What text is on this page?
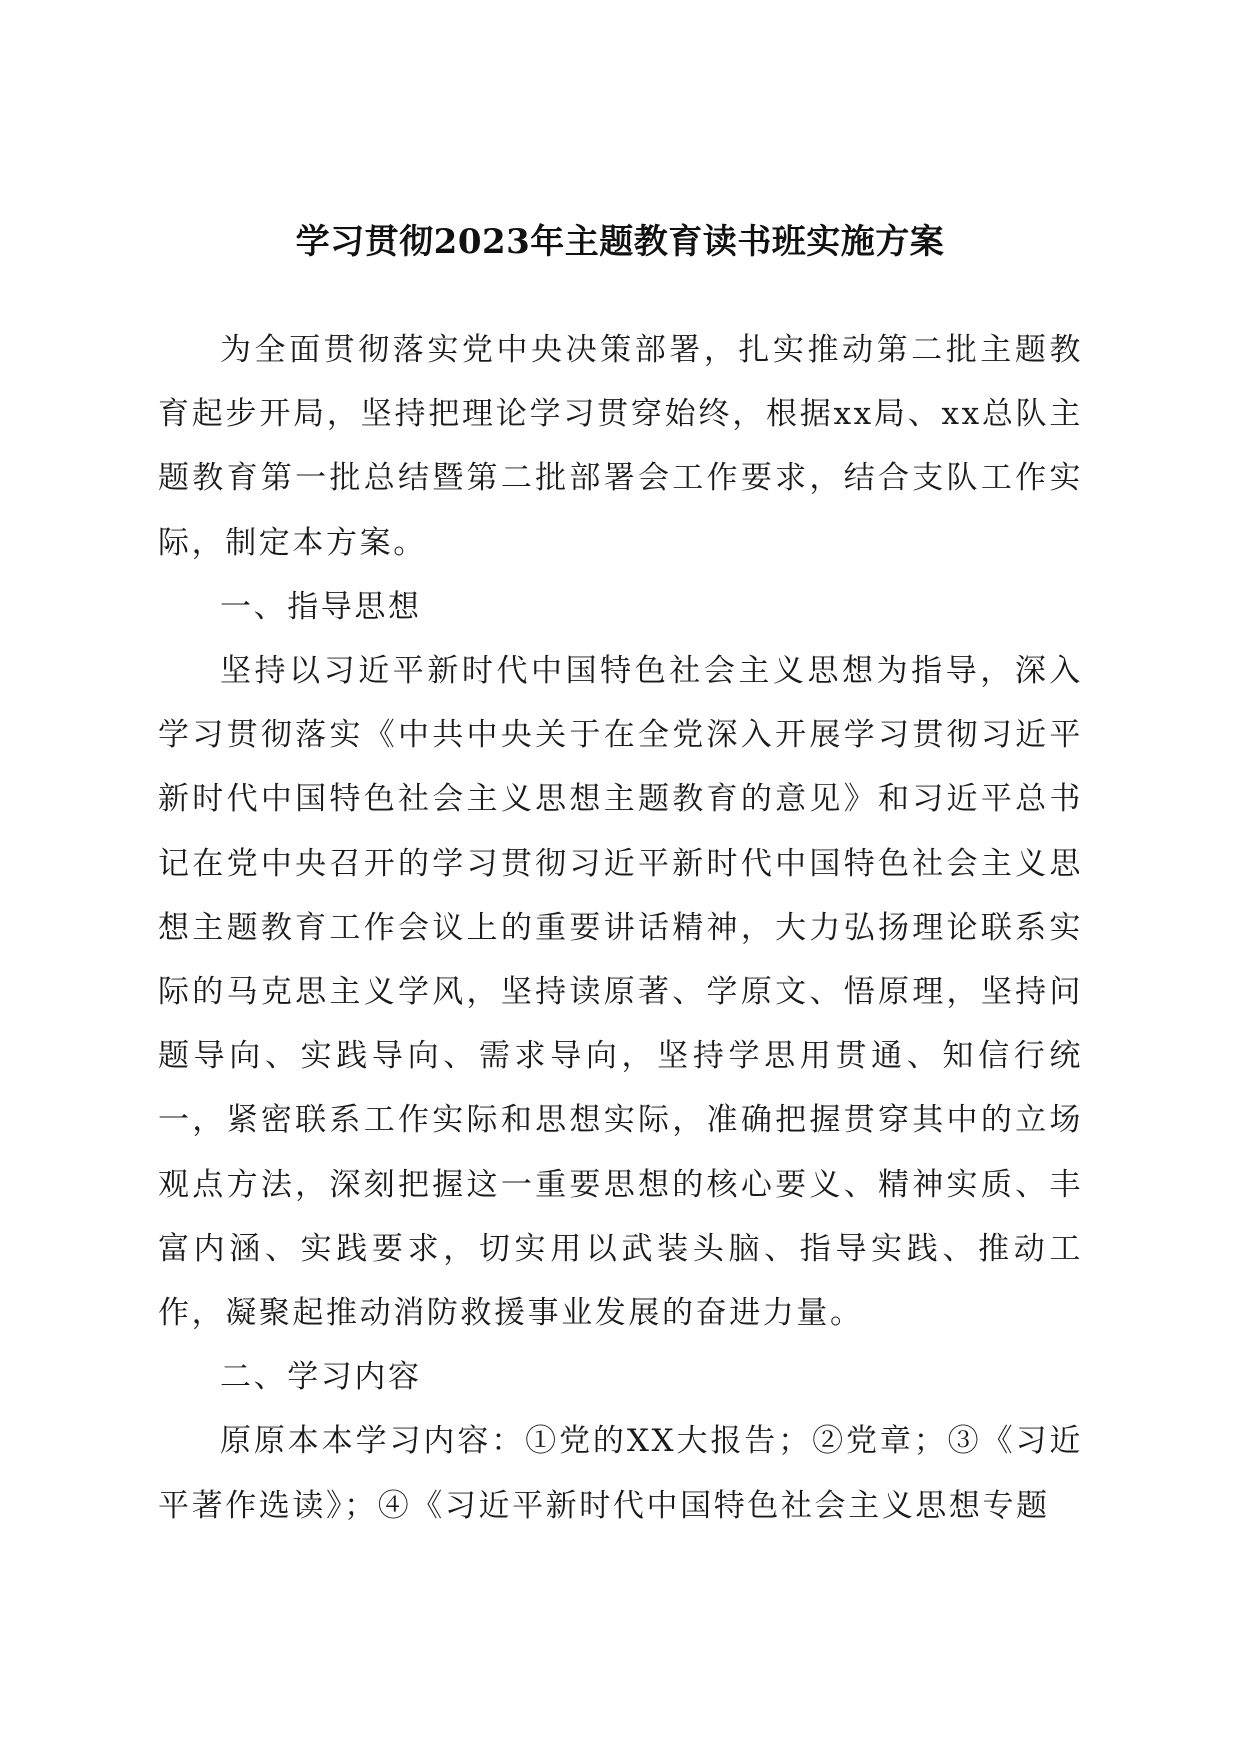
学习贯彻2023年主题教育读书班实施方案

为全面贯彻落实党中央决策部署，扎实推动第二批主题教育起步开局，坚持把理论学习贯穿始终，根据xx局、xx总队主题教育第一批总结暨第二批部署会工作要求，结合支队工作实际，制定本方案。

一、指导思想

坚持以习近平新时代中国特色社会主义思想为指导，深入学习贯彻落实《中共中央关于在全党深入开展学习贯彻习近平新时代中国特色社会主义思想主题教育的意见》和习近平总书记在党中央召开的学习贯彻习近平新时代中国特色社会主义思想主题教育工作会议上的重要讲话精神，大力弘扬理论联系实际的马克思主义学风，坚持读原著、学原文、悟原理，坚持问题导向、实践导向、需求导向，坚持学思用贯通、知信行统一，紧密联系工作实际和思想实际，准确把握贯穿其中的立场观点方法，深刻把握这一重要思想的核心要义、精神实质、丰富内涵、实践要求，切实用以武装头脑、指导实践、推动工作，凝聚起推动消防救援事业发展的奋进力量。

二、学习内容

原原本本学习内容：①党的XX大报告；②党章；③《习近平著作选读》；④《习近平新时代中国特色社会主义思想专题
